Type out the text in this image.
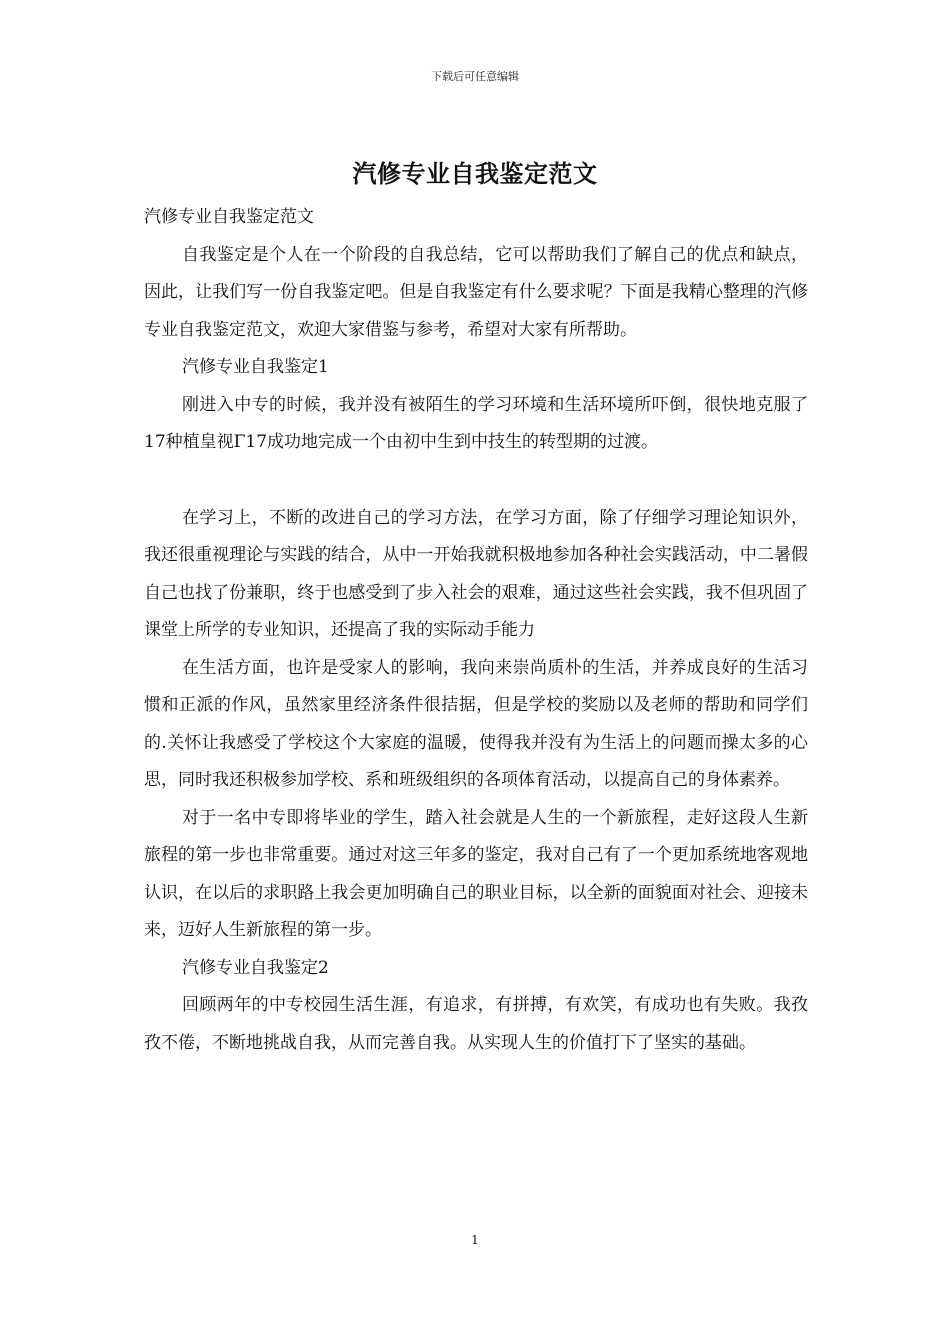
下载后可任意编辑
汽修专业自我鉴定范文

汽修专业自我鉴定范文

自我鉴定是个人在一个阶段的自我总结，它可以帮助我们了解自己的优点和缺点，因此，让我们写一份自我鉴定吧。但是自我鉴定有什么要求呢？下面是我精心整理的汽修专业自我鉴定范文，欢迎大家借鉴与参考，希望对大家有所帮助。

汽修专业自我鉴定1

刚进入中专的时候，我并没有被陌生的学习环境和生活环境所吓倒，很快地克服了17种植皇视Γ17成功地完成一个由初中生到中技生的转型期的过渡。

在学习上，不断的改进自己的学习方法，在学习方面，除了仔细学习理论知识外，我还很重视理论与实践的结合，从中一开始我就积极地参加各种社会实践活动，中二暑假自己也找了份兼职，终于也感受到了步入社会的艰难，通过这些社会实践，我不但巩固了课堂上所学的专业知识，还提高了我的实际动手能力

在生活方面，也许是受家人的影响，我向来崇尚质朴的生活，并养成良好的生活习惯和正派的作风，虽然家里经济条件很拮据，但是学校的奖励以及老师的帮助和同学们的.关怀让我感受了学校这个大家庭的温暖，使得我并没有为生活上的问题而操太多的心思，同时我还积极参加学校、系和班级组织的各项体育活动，以提高自己的身体素养。

对于一名中专即将毕业的学生，踏入社会就是人生的一个新旅程，走好这段人生新旅程的第一步也非常重要。通过对这三年多的鉴定，我对自己有了一个更加系统地客观地认识，在以后的求职路上我会更加明确自己的职业目标，以全新的面貌面对社会、迎接未来，迈好人生新旅程的第一步。

汽修专业自我鉴定2

回顾两年的中专校园生活生涯，有追求，有拼搏，有欢笑，有成功也有失败。我孜孜不倦，不断地挑战自我，从而完善自我。从实现人生的价值打下了坚实的基础。

1
